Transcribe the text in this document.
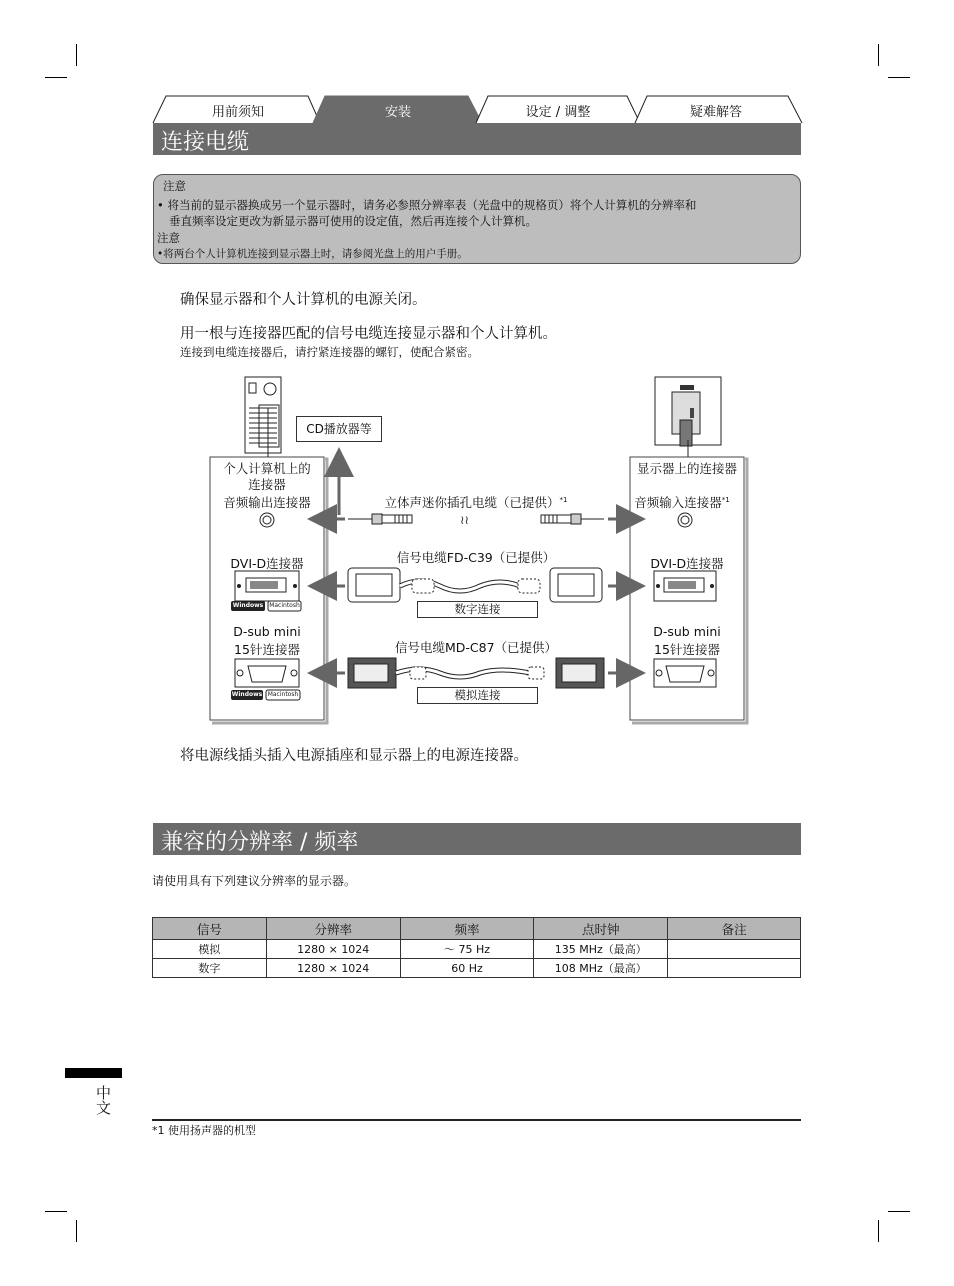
用前须知	安装	设定 / 调整	疑难解答
连接电缆
注意
• 将当前的显示器换成另一个显示器时，请务必参照分辨率表（光盘中的规格页）将个人计算机的分辨率和
垂直频率设定更改为新显示器可使用的设定值，然后再连接个人计算机。
注意
•将两台个人计算机连接到显示器上时，请参阅光盘上的用户手册。
确保显示器和个人计算机的电源关闭。
用一根与连接器匹配的信号电缆连接显示器和个人计算机。
连接到电缆连接器后，请拧紧连接器的螺钉，使配合紧密。
≀≀
CD播放器等
个人计算机上的
连接器
音频输出连接器
DVI-D连接器
D-sub mini
15针连接器
显示器上的连接器
音频输入连接器$^{*1}$
DVI-D连接器
D-sub mini
15针连接器
立体声迷你插孔电缆（已提供）$^{*1}$
信号电缆FD-C39（已提供）
数字连接
信号电缆MD-C87（已提供）
模拟连接
Windows Macintosh
Windows Macintosh
将电源线插头插入电源插座和显示器上的电源连接器。
兼容的分辨率 / 频率
请使用具有下列建议分辨率的显示器。
信号	分辨率	频率	点时钟	备注
模拟	1280 × 1024	～ 75 Hz	135 MHz（最高）	
数字	1280 × 1024	60 Hz	108 MHz（最高）	
中文
*1 使用扬声器的机型
